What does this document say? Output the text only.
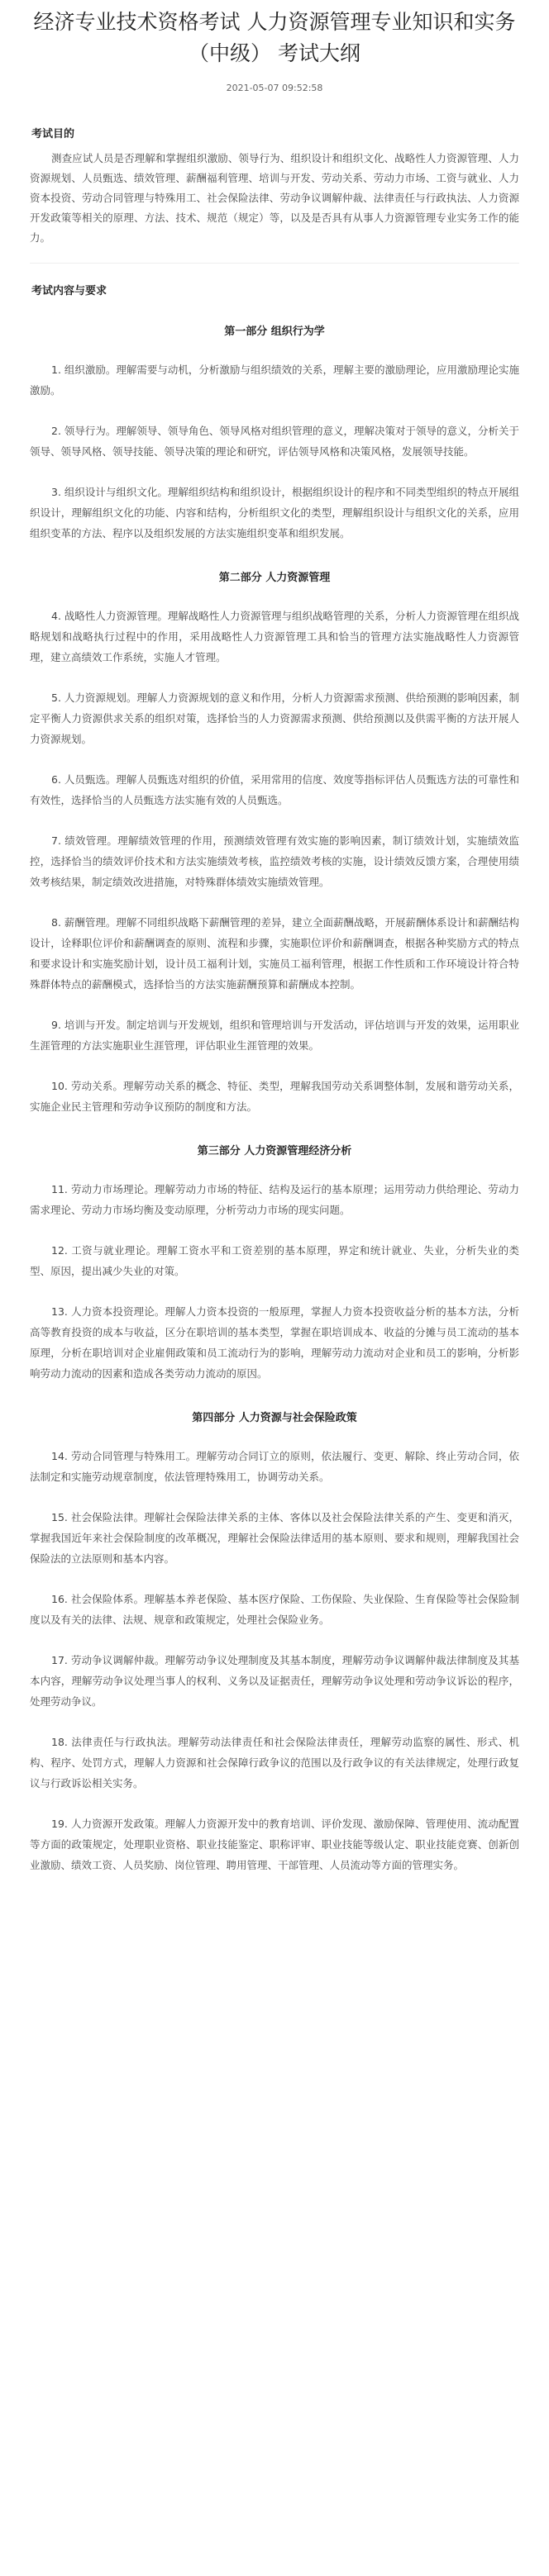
经济专业技术资格考试 人力资源管理专业知识和实务（中级） 考试大纲
2021-05-07 09:52:58
考试目的

测查应试人员是否理解和掌握组织激励、领导行为、组织设计和组织文化、战略性人力资源管理、人力资源规划、人员甄选、绩效管理、薪酬福利管理、培训与开发、劳动关系、劳动力市场、工资与就业、人力资本投资、劳动合同管理与特殊用工、社会保险法律、劳动争议调解仲裁、法律责任与行政执法、人力资源开发政策等相关的原理、方法、技术、规范（规定）等，以及是否具有从事人力资源管理专业实务工作的能力。

考试内容与要求
第一部分 组织行为学

1. 组织激励。理解需要与动机，分析激励与组织绩效的关系，理解主要的激励理论，应用激励理论实施激励。

2. 领导行为。理解领导、领导角色、领导风格对组织管理的意义，理解决策对于领导的意义，分析关于领导、领导风格、领导技能、领导决策的理论和研究，评估领导风格和决策风格，发展领导技能。

3. 组织设计与组织文化。理解组织结构和组织设计，根据组织设计的程序和不同类型组织的特点开展组织设计，理解组织文化的功能、内容和结构，分析组织文化的类型，理解组织设计与组织文化的关系，应用组织变革的方法、程序以及组织发展的方法实施组织变革和组织发展。

第二部分 人力资源管理

4. 战略性人力资源管理。理解战略性人力资源管理与组织战略管理的关系，分析人力资源管理在组织战略规划和战略执行过程中的作用，采用战略性人力资源管理工具和恰当的管理方法实施战略性人力资源管理，建立高绩效工作系统，实施人才管理。

5. 人力资源规划。理解人力资源规划的意义和作用，分析人力资源需求预测、供给预测的影响因素，制定平衡人力资源供求关系的组织对策，选择恰当的人力资源需求预测、供给预测以及供需平衡的方法开展人力资源规划。

6. 人员甄选。理解人员甄选对组织的价值，采用常用的信度、效度等指标评估人员甄选方法的可靠性和有效性，选择恰当的人员甄选方法实施有效的人员甄选。

7. 绩效管理。理解绩效管理的作用，预测绩效管理有效实施的影响因素，制订绩效计划，实施绩效监控，选择恰当的绩效评价技术和方法实施绩效考核，监控绩效考核的实施，设计绩效反馈方案，合理使用绩效考核结果，制定绩效改进措施，对特殊群体绩效实施绩效管理。

8. 薪酬管理。理解不同组织战略下薪酬管理的差异，建立全面薪酬战略，开展薪酬体系设计和薪酬结构设计，诠释职位评价和薪酬调查的原则、流程和步骤，实施职位评价和薪酬调查，根据各种奖励方式的特点和要求设计和实施奖励计划，设计员工福利计划，实施员工福利管理，根据工作性质和工作环境设计符合特殊群体特点的薪酬模式，选择恰当的方法实施薪酬预算和薪酬成本控制。

9. 培训与开发。制定培训与开发规划，组织和管理培训与开发活动，评估培训与开发的效果，运用职业生涯管理的方法实施职业生涯管理，评估职业生涯管理的效果。

10. 劳动关系。理解劳动关系的概念、特征、类型，理解我国劳动关系调整体制，发展和谐劳动关系，实施企业民主管理和劳动争议预防的制度和方法。

第三部分 人力资源管理经济分析

11. 劳动力市场理论。理解劳动力市场的特征、结构及运行的基本原理；运用劳动力供给理论、劳动力需求理论、劳动力市场均衡及变动原理，分析劳动力市场的现实问题。

12. 工资与就业理论。理解工资水平和工资差别的基本原理，界定和统计就业、失业，分析失业的类型、原因，提出减少失业的对策。

13. 人力资本投资理论。理解人力资本投资的一般原理，掌握人力资本投资收益分析的基本方法，分析高等教育投资的成本与收益，区分在职培训的基本类型，掌握在职培训成本、收益的分摊与员工流动的基本原理，分析在职培训对企业雇佣政策和员工流动行为的影响，理解劳动力流动对企业和员工的影响，分析影响劳动力流动的因素和造成各类劳动力流动的原因。

第四部分 人力资源与社会保险政策

14. 劳动合同管理与特殊用工。理解劳动合同订立的原则，依法履行、变更、解除、终止劳动合同，依法制定和实施劳动规章制度，依法管理特殊用工，协调劳动关系。

15. 社会保险法律。理解社会保险法律关系的主体、客体以及社会保险法律关系的产生、变更和消灭，掌握我国近年来社会保险制度的改革概况，理解社会保险法律适用的基本原则、要求和规则，理解我国社会保险法的立法原则和基本内容。

16. 社会保险体系。理解基本养老保险、基本医疗保险、工伤保险、失业保险、生育保险等社会保险制度以及有关的法律、法规、规章和政策规定，处理社会保险业务。

17. 劳动争议调解仲裁。理解劳动争议处理制度及其基本制度，理解劳动争议调解仲裁法律制度及其基本内容，理解劳动争议处理当事人的权利、义务以及证据责任，理解劳动争议处理和劳动争议诉讼的程序，处理劳动争议。

18. 法律责任与行政执法。理解劳动法律责任和社会保险法律责任，理解劳动监察的属性、形式、机构、程序、处罚方式，理解人力资源和社会保障行政争议的范围以及行政争议的有关法律规定，处理行政复议与行政诉讼相关实务。

19. 人力资源开发政策。理解人力资源开发中的教育培训、评价发现、激励保障、管理使用、流动配置等方面的政策规定，处理职业资格、职业技能鉴定、职称评审、职业技能等级认定、职业技能竞赛、创新创业激励、绩效工资、人员奖励、岗位管理、聘用管理、干部管理、人员流动等方面的管理实务。
